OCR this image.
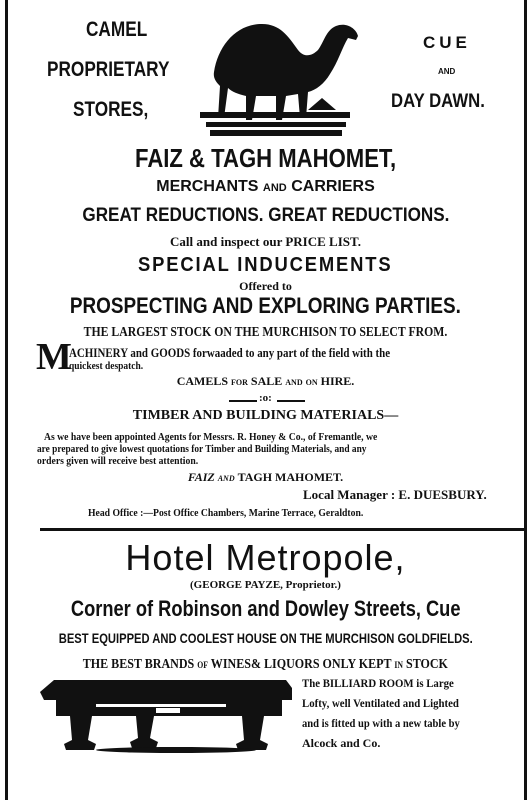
CAMEL
PROPRIETARY
STORES,
CUE
AND
DAY DAWN.
FAIZ & TAGH MAHOMET,
MERCHANTS AND CARRIERS
GREAT REDUCTIONS. GREAT REDUCTIONS.
Call and inspect our PRICE LIST.
SPECIAL INDUCEMENTS
Offered to
PROSPECTING AND EXPLORING PARTIES.
THE LARGEST STOCK ON THE MURCHISON TO SELECT FROM.
M
ACHINERY and GOODS forwaaded to any part of the field with the
quickest despatch.
CAMELS FOR SALE AND ON HIRE.
:o:
TIMBER AND BUILDING MATERIALS—
As we have been appointed Agents for Messrs. R. Honey & Co., of Fremantle, we
are prepared to give lowest quotations for Timber and Building Materials, and any
orders given will receive best attention.
FAIZ AND TAGH MAHOMET.
Local Manager : E. DUESBURY.
Head Office :—Post Office Chambers, Marine Terrace, Geraldton.
Hotel Metropole,
(GEORGE PAYZE, Proprietor.)
Corner of Robinson and Dowley Streets, Cue
BEST EQUIPPED AND COOLEST HOUSE ON THE MURCHISON GOLDFIELDS.
THE BEST BRANDS OF WINES& LIQUORS ONLY KEPT IN STOCK
The BILLIARD ROOM is Large
Lofty, well Ventilated and Lighted
and is fitted up with a new table by
Alcock and Co.
